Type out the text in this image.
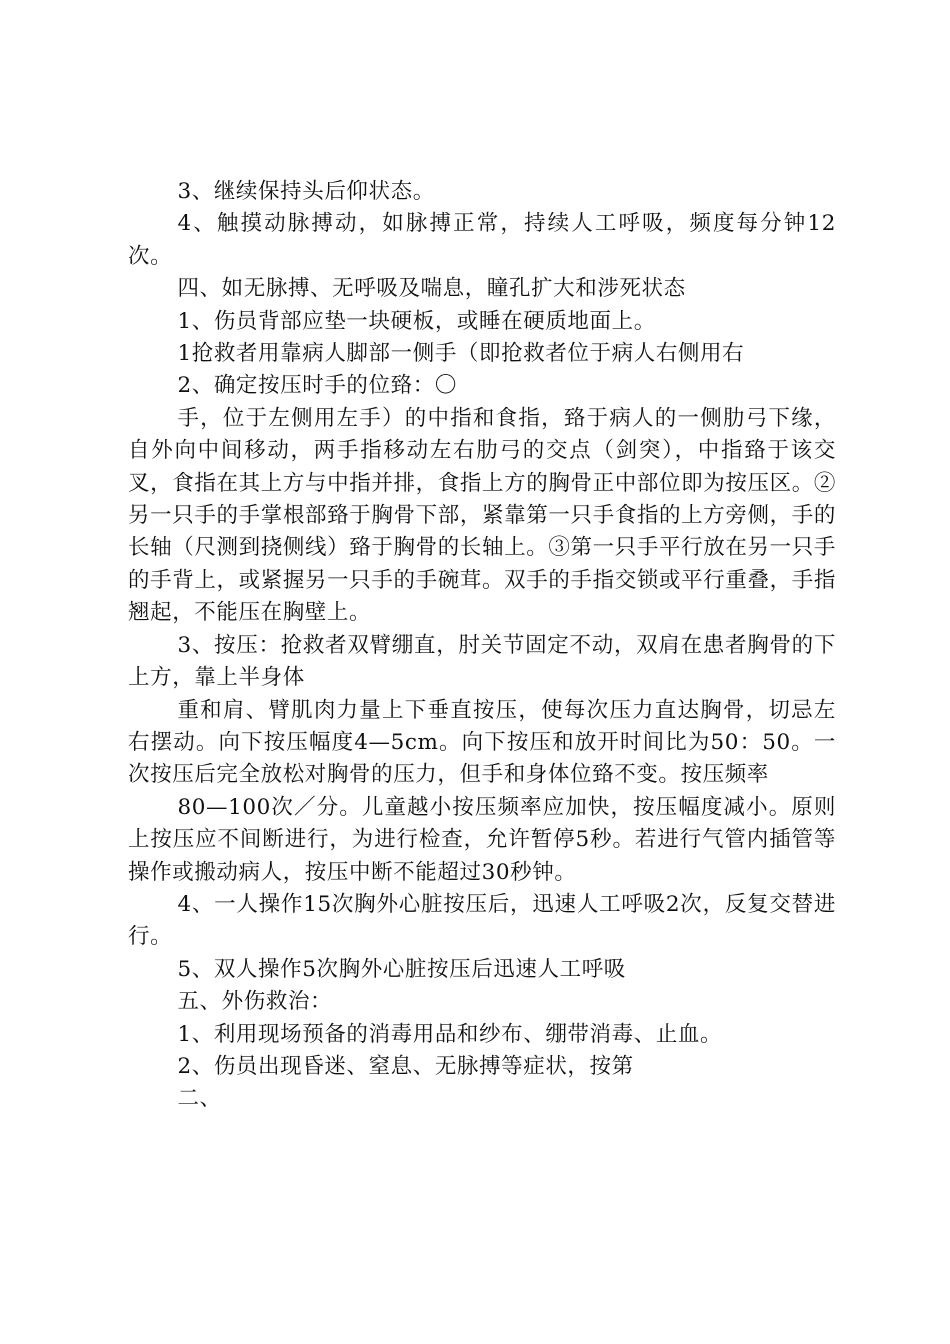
3、继续保持头后仰状态。

4、触摸动脉搏动，如脉搏正常，持续人工呼吸，频度每分钟12次。

四、如无脉搏、无呼吸及喘息，瞳孔扩大和涉死状态

1、伤员背部应垫一块硬板，或睡在硬质地面上。

1抢救者用靠病人脚部一侧手（即抢救者位于病人右侧用右

2、确定按压时手的位臵：〇

手，位于左侧用左手）的中指和食指，臵于病人的一侧肋弓下缘，自外向中间移动，两手指移动左右肋弓的交点（剑突），中指臵于该交叉，食指在其上方与中指并排，食指上方的胸骨正中部位即为按压区。②另一只手的手掌根部臵于胸骨下部，紧靠第一只手食指的上方旁侧，手的长轴（尺测到挠侧线）臵于胸骨的长轴上。③第一只手平行放在另一只手的手背上，或紧握另一只手的手碗茸。双手的手指交锁或平行重叠，手指翘起，不能压在胸壁上。

3、按压：抢救者双臂绷直，肘关节固定不动，双肩在患者胸骨的下上方，靠上半身体

重和肩、臂肌肉力量上下垂直按压，使每次压力直达胸骨，切忌左右摆动。向下按压幅度4—5cm。向下按压和放开时间比为50：50。一次按压后完全放松对胸骨的压力，但手和身体位臵不变。按压频率

80—100次／分。儿童越小按压频率应加快，按压幅度减小。原则上按压应不间断进行，为进行检查，允许暂停5秒。若进行气管内插管等操作或搬动病人，按压中断不能超过30秒钟。

4、一人操作15次胸外心脏按压后，迅速人工呼吸2次，反复交替进行。

5、双人操作5次胸外心脏按压后迅速人工呼吸

五、外伤救治：

1、利用现场预备的消毒用品和纱布、绷带消毒、止血。

2、伤员出现昏迷、窒息、无脉搏等症状，按第

二、
